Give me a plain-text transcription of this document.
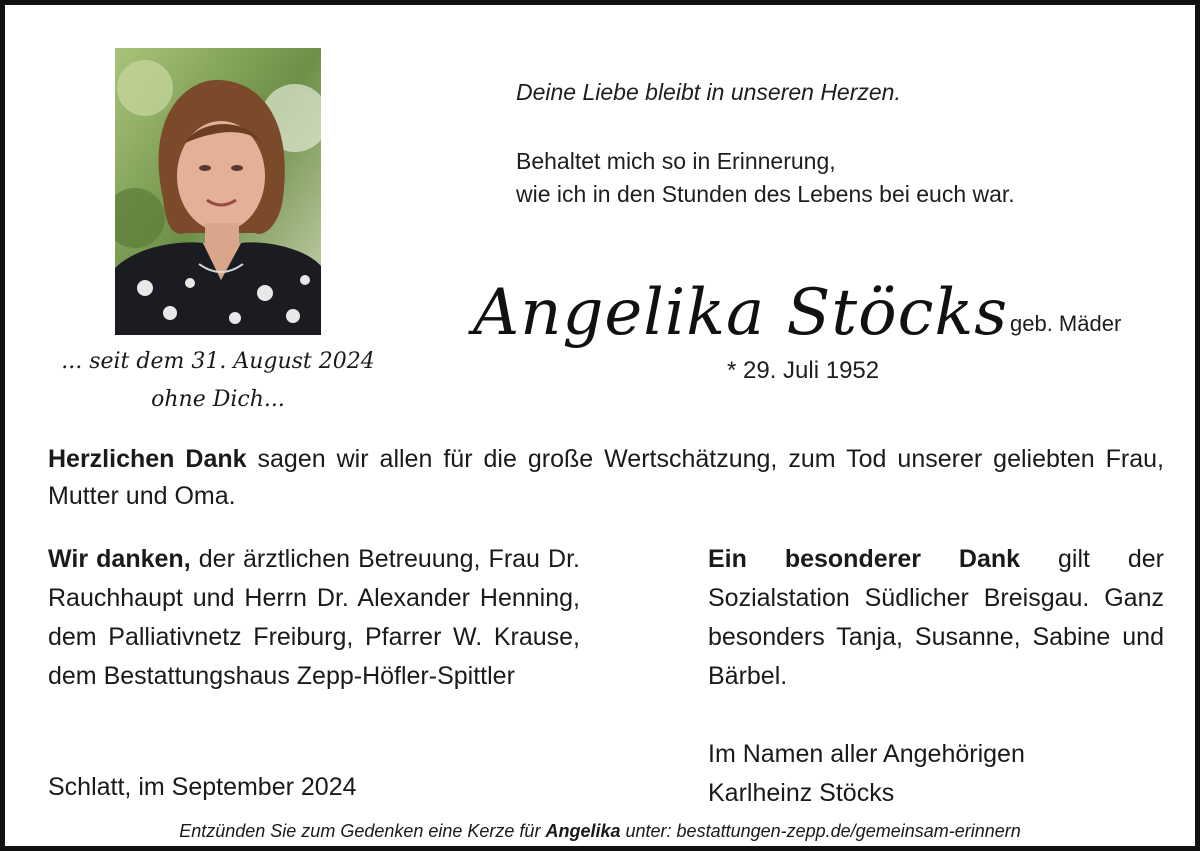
... seit dem 31. August 2024
ohne Dich...
Deine Liebe bleibt in unseren Herzen.
Behaltet mich so in Erinnerung,
wie ich in den Stunden des Lebens bei euch war.
Angelika Stöcks geb. Mäder
* 29. Juli 1952
Herzlichen Dank sagen wir allen für die große Wertschätzung, zum Tod unserer geliebten Frau, Mutter und Oma.
Wir danken, der ärztlichen Betreuung, Frau Dr. Rauchhaupt und Herrn Dr. Alexander Henning, dem Palliativnetz Freiburg, Pfarrer W. Krause, dem Bestattungshaus Zepp-Höfler-Spittler
Ein besonderer Dank gilt der Sozialstation Südlicher Breisgau. Ganz besonders Tanja, Susanne, Sabine und Bärbel.
Schlatt, im September 2024
Im Namen aller Angehörigen
Karlheinz Stöcks
Entzünden Sie zum Gedenken eine Kerze für Angelika unter: bestattungen-zepp.de/gemeinsam-erinnern
